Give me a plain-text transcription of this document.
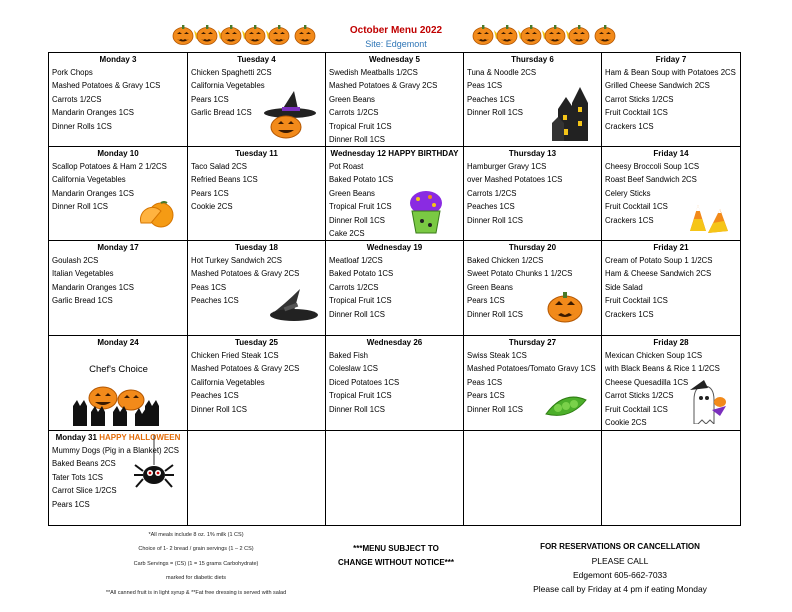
October Menu 2022
Site: Edgemont
Monday 3
Pork Chops
Mashed Potatoes & Gravy 1CS
Carrots 1/2CS
Mandarin Oranges 1CS
Dinner Rolls 1CS
Tuesday 4
Chicken Spaghetti 2CS
California Vegetables
Pears 1CS
Garlic Bread 1CS
Wednesday 5
Swedish Meatballs 1/2CS
Mashed Potatoes & Gravy 2CS
Green Beans
Carrots 1/2CS
Tropical Fruit 1CS
Dinner Roll 1CS
Thursday 6
Tuna & Noodle 2CS
Peas 1CS
Peaches 1CS
Dinner Roll 1CS
Friday 7
Ham & Bean Soup with Potatoes 2CS
Grilled Cheese Sandwich 2CS
Carrot Sticks 1/2CS
Fruit Cocktail 1CS
Crackers 1CS
Monday 10
Scallop Potatoes & Ham 2 1/2CS
California Vegetables
Mandarin Oranges 1CS
Dinner Roll 1CS
Tuesday 11
Taco Salad 2CS
Refried Beans 1CS
Pears 1CS
Cookie 2CS
Wednesday 12 HAPPY BIRTHDAY
Pot Roast
Baked Potato 1CS
Green Beans
Tropical Fruit 1CS
Dinner Roll 1CS
Cake 2CS
Thursday 13
Hamburger Gravy 1CS
over Mashed Potatoes 1CS
Carrots 1/2CS
Peaches 1CS
Dinner Roll 1CS
Friday 14
Cheesy Broccoli Soup 1CS
Roast Beef Sandwich 2CS
Celery Sticks
Fruit Cocktail 1CS
Crackers 1CS
Monday 17
Goulash 2CS
Italian Vegetables
Mandarin Oranges 1CS
Garlic Bread 1CS
Tuesday 18
Hot Turkey Sandwich 2CS
Mashed Potatoes & Gravy 2CS
Peas 1CS
Peaches 1CS
Wednesday 19
Meatloaf 1/2CS
Baked Potato 1CS
Carrots 1/2CS
Tropical Fruit 1CS
Dinner Roll 1CS
Thursday 20
Baked Chicken 1/2CS
Sweet Potato Chunks 1 1/2CS
Green Beans
Pears 1CS
Dinner Roll 1CS
Friday 21
Cream of Potato Soup 1 1/2CS
Ham & Cheese Sandwich 2CS
Side Salad
Fruit Cocktail 1CS
Crackers 1CS
Monday 24
Chef's Choice
Tuesday 25
Chicken Fried Steak 1CS
Mashed Potatoes & Gravy 2CS
California Vegetables
Peaches 1CS
Dinner Roll 1CS
Wednesday 26
Baked Fish
Coleslaw 1CS
Diced Potatoes 1CS
Tropical Fruit 1CS
Dinner Roll 1CS
Thursday 27
Swiss Steak 1CS
Mashed Potatoes/Tomato Gravy 1CS
Peas 1CS
Pears 1CS
Dinner Roll 1CS
Friday 28
Mexican Chicken Soup 1CS
with Black Beans & Rice 1 1/2CS
Cheese Quesadilla 1CS
Carrot Sticks 1/2CS
Fruit Cocktail 1CS
Cookie 2CS
Monday 31 HAPPY HALLOWEEN
Mummy Dogs (Pig in a Blanket) 2CS
Baked Beans 2CS
Tater Tots 1CS
Carrot Slice 1/2CS
Pears 1CS
*All meals include 8 oz. 1% milk (1 CS)
Choice of 1- 2 bread / grain servings (1 – 2 CS)
Carb Servings = (CS) (1 = 15 grams Carbohydrate)
marked for diabetic diets
**All canned fruit is in light syrup & **Fat free dressing is served with salad
***MENU SUBJECT TO
CHANGE WITHOUT NOTICE***
FOR RESERVATIONS OR CANCELLATION
PLEASE CALL
Edgemont 605-662-7033
Please call by Friday at 4 pm if eating Monday
